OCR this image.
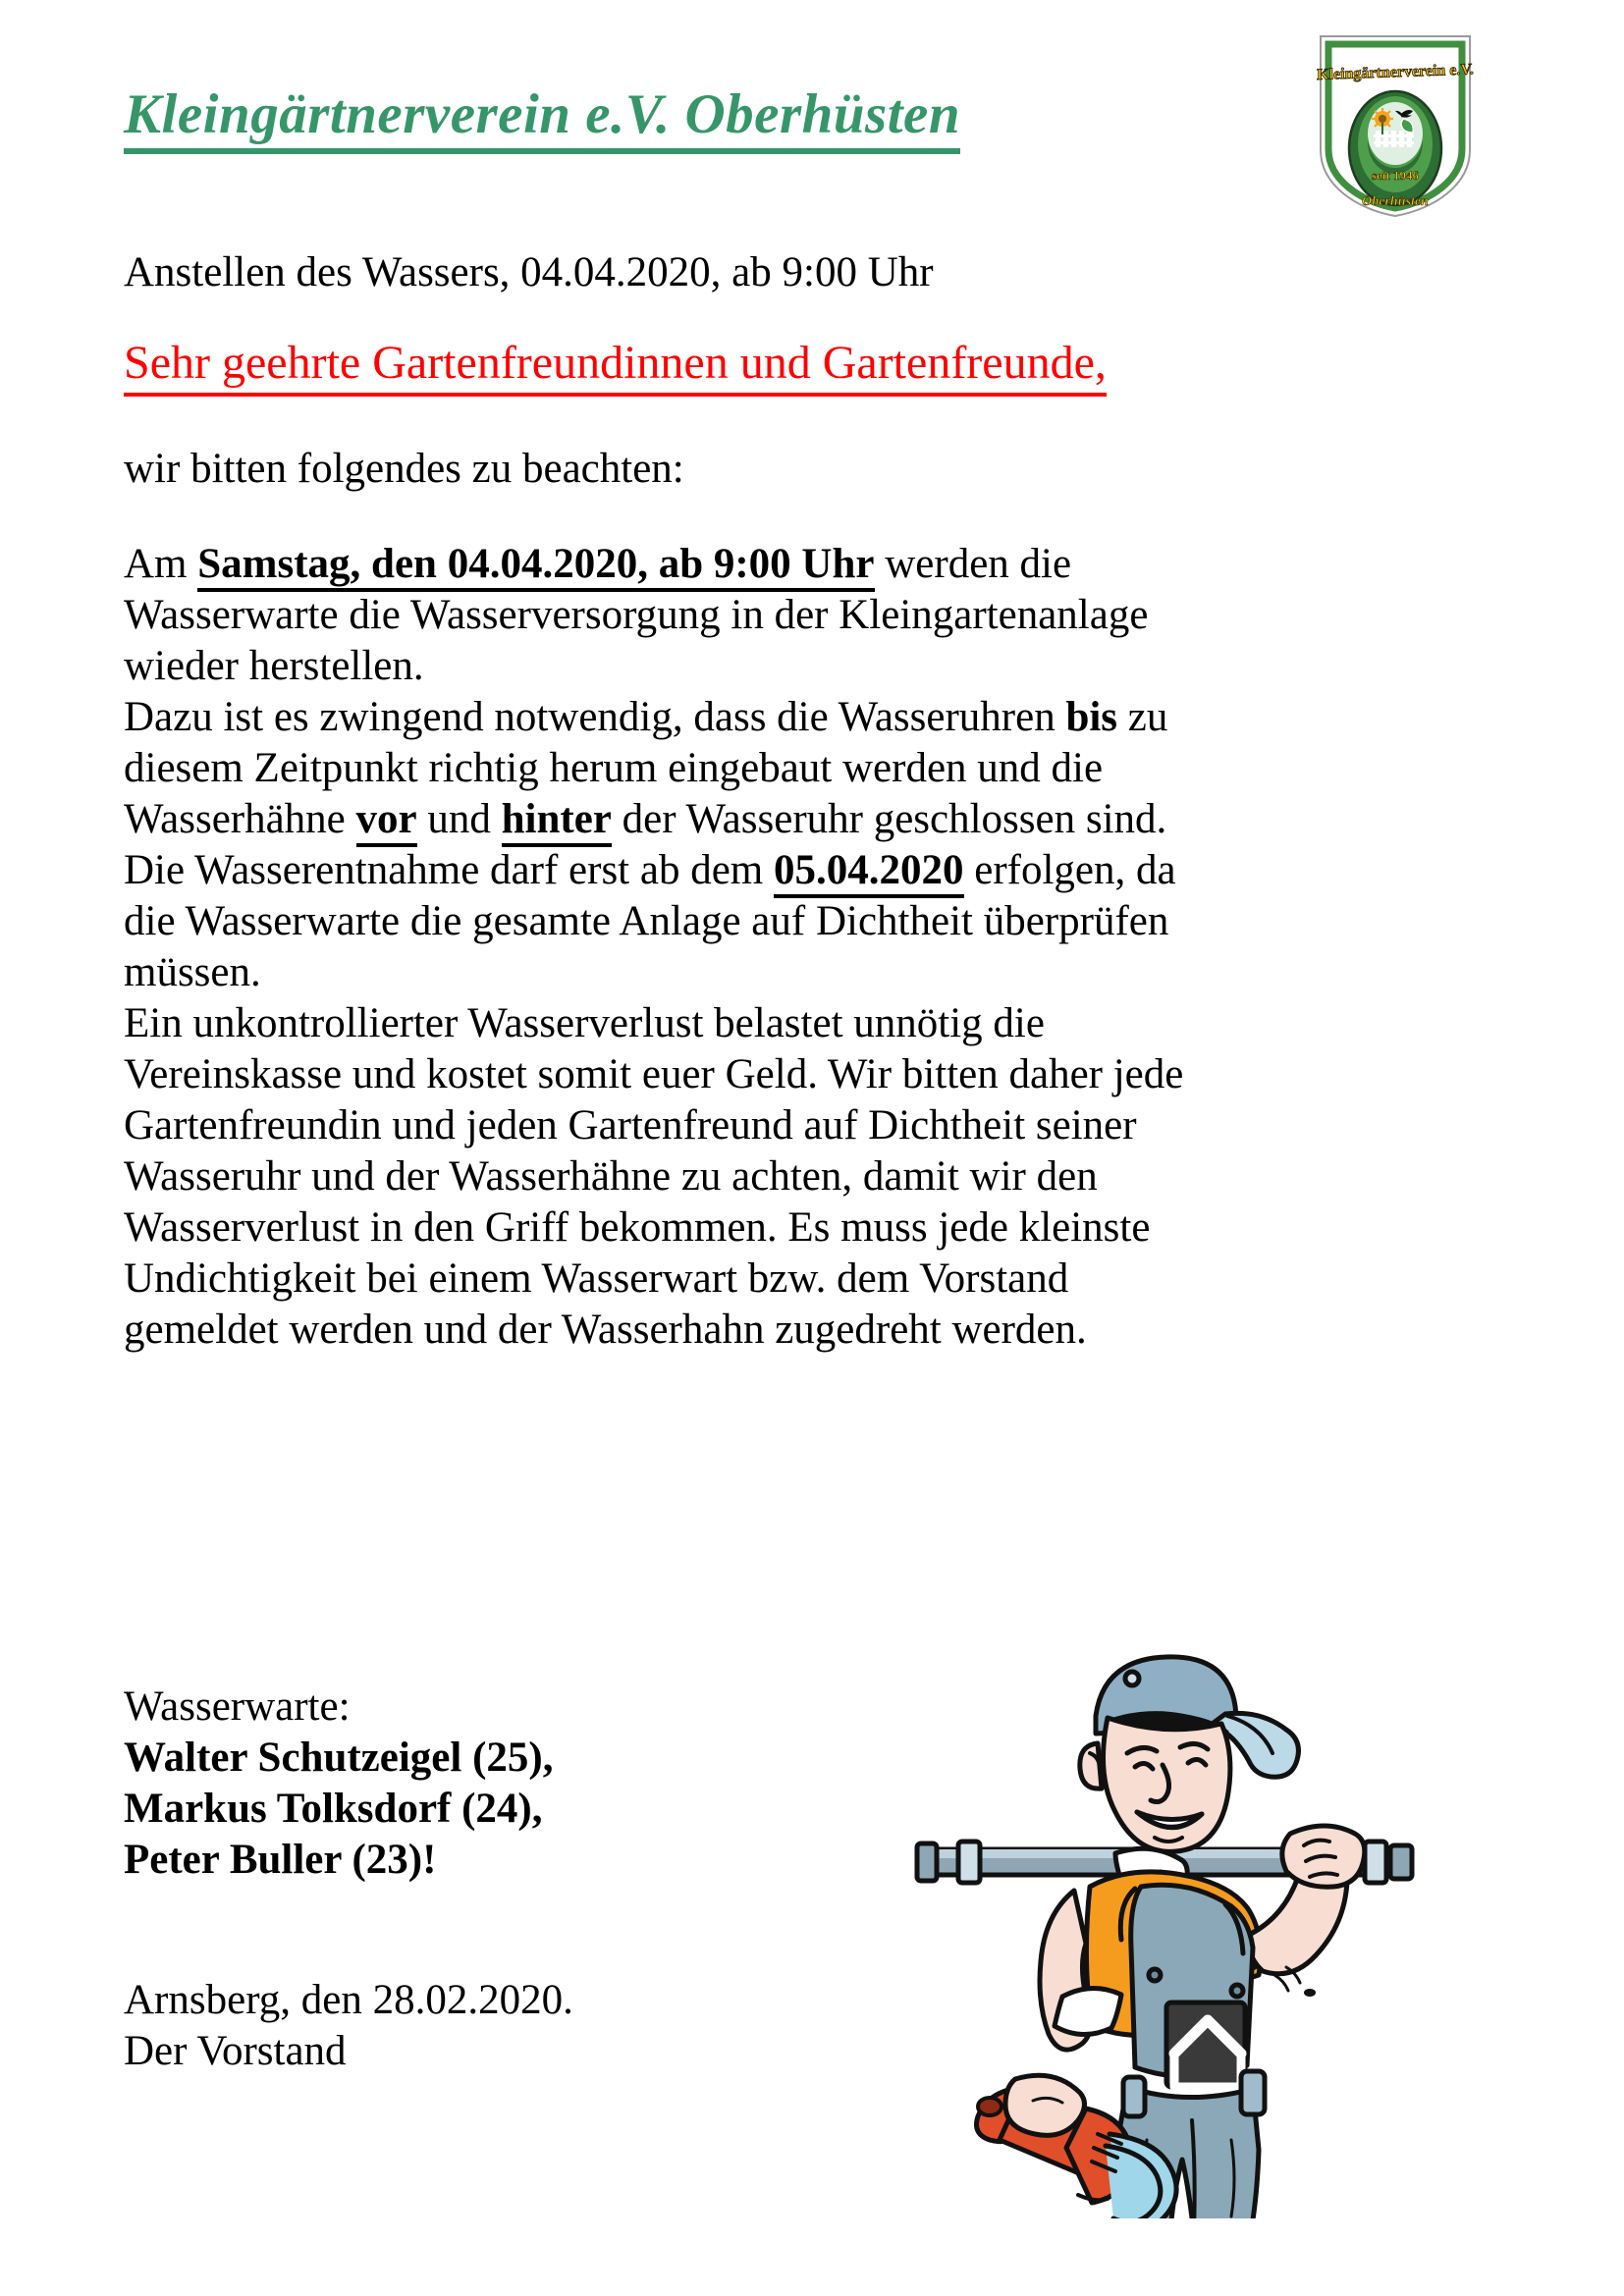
Kleingärtnerverein e.V. Oberhüsten
Kleingärtnerverein e.V.
seit 1946
Oberhüsten
Anstellen des Wassers, 04.04.2020, ab 9:00 Uhr
Sehr geehrte Gartenfreundinnen und Gartenfreunde,
wir bitten folgendes zu beachten:
Am Samstag, den 04.04.2020, ab 9:00 Uhr werden die
Wasserwarte die Wasserversorgung in der Kleingartenanlage
wieder herstellen.
Dazu ist es zwingend notwendig, dass die Wasseruhren bis zu
diesem Zeitpunkt richtig herum eingebaut werden und die
Wasserhähne vor und hinter der Wasseruhr geschlossen sind.
Die Wasserentnahme darf erst ab dem 05.04.2020 erfolgen, da
die Wasserwarte die gesamte Anlage auf Dichtheit überprüfen
müssen.
Ein unkontrollierter Wasserverlust belastet unnötig die
Vereinskasse und kostet somit euer Geld. Wir bitten daher jede
Gartenfreundin und jeden Gartenfreund auf Dichtheit seiner
Wasseruhr und der Wasserhähne zu achten, damit wir den
Wasserverlust in den Griff bekommen. Es muss jede kleinste
Undichtigkeit bei einem Wasserwart bzw. dem Vorstand
gemeldet werden und der Wasserhahn zugedreht werden.
Wasserwarte:
Walter Schutzeigel (25),
Markus Tolksdorf (24),
Peter Buller (23)!
Arnsberg, den 28.02.2020.
Der Vorstand
